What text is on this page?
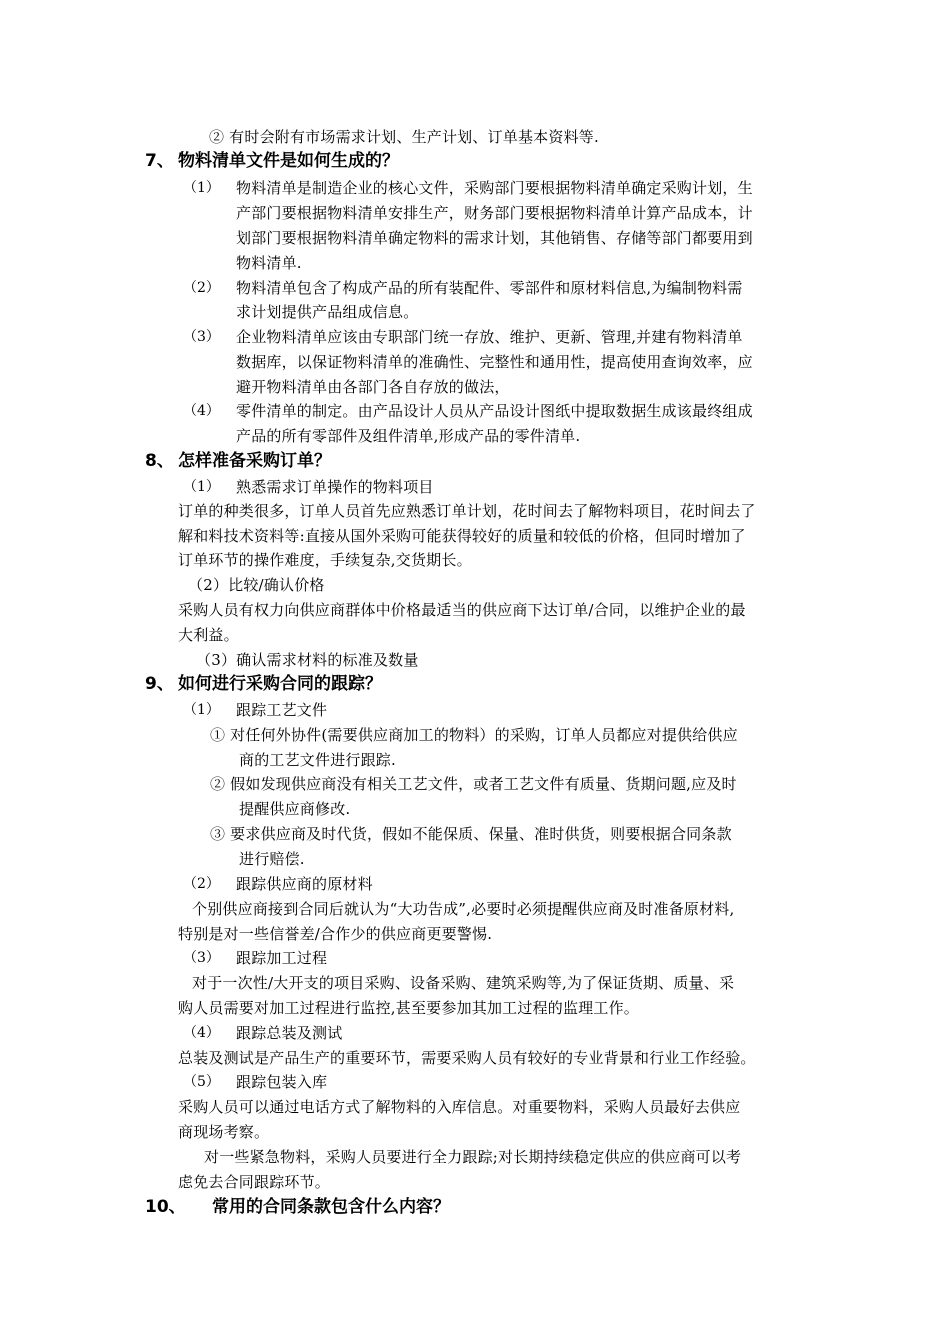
② 有时会附有市场需求计划、生产计划、订单基本资料等.
7、 物料清单文件是如何生成的？
（1） 物料清单是制造企业的核心文件，采购部门要根据物料清单确定采购计划，生
产部门要根据物料清单安排生产，财务部门要根据物料清单计算产品成本，计
划部门要根据物料清单确定物料的需求计划，其他销售、存储等部门都要用到
物料清单.
（2） 物料清单包含了构成产品的所有装配件、零部件和原材料信息,为编制物料需
求计划提供产品组成信息。
（3） 企业物料清单应该由专职部门统一存放、维护、更新、管理,并建有物料清单
数据库，以保证物料清单的准确性、完整性和通用性，提高使用查询效率，应
避开物料清单由各部门各自存放的做法，
（4） 零件清单的制定。由产品设计人员从产品设计图纸中提取数据生成该最终组成
产品的所有零部件及组件清单,形成产品的零件清单.
8、 怎样准备采购订单？
（1） 熟悉需求订单操作的物料项目
订单的种类很多，订单人员首先应熟悉订单计划，花时间去了解物料项目，花时间去了
解和料技术资料等:直接从国外采购可能获得较好的质量和较低的价格，但同时增加了
订单环节的操作难度，手续复杂,交货期长。
（2）比较/确认价格
采购人员有权力向供应商群体中价格最适当的供应商下达订单/合同，以维护企业的最
大利益。
（3）确认需求材料的标准及数量
9、 如何进行采购合同的跟踪？
（1） 跟踪工艺文件
① 对任何外协件(需要供应商加工的物料）的采购，订单人员都应对提供给供应
商的工艺文件进行跟踪.
② 假如发现供应商没有相关工艺文件，或者工艺文件有质量、货期问题,应及时
提醒供应商修改.
③ 要求供应商及时代货，假如不能保质、保量、准时供货，则要根据合同条款
进行赔偿.
（2） 跟踪供应商的原材料
个别供应商接到合同后就认为“大功告成”,必要时必须提醒供应商及时准备原材料,
特别是对一些信誉差/合作少的供应商更要警惕.
（3） 跟踪加工过程
对于一次性/大开支的项目采购、设备采购、建筑采购等,为了保证货期、质量、采
购人员需要对加工过程进行监控,甚至要参加其加工过程的监理工作。
（4） 跟踪总装及测试
总装及测试是产品生产的重要环节，需要采购人员有较好的专业背景和行业工作经验。
（5） 跟踪包装入库
采购人员可以通过电话方式了解物料的入库信息。对重要物料，采购人员最好去供应
商现场考察。
对一些紧急物料，采购人员要进行全力跟踪;对长期持续稳定供应的供应商可以考
虑免去合同跟踪环节。
10、 常用的合同条款包含什么内容？
